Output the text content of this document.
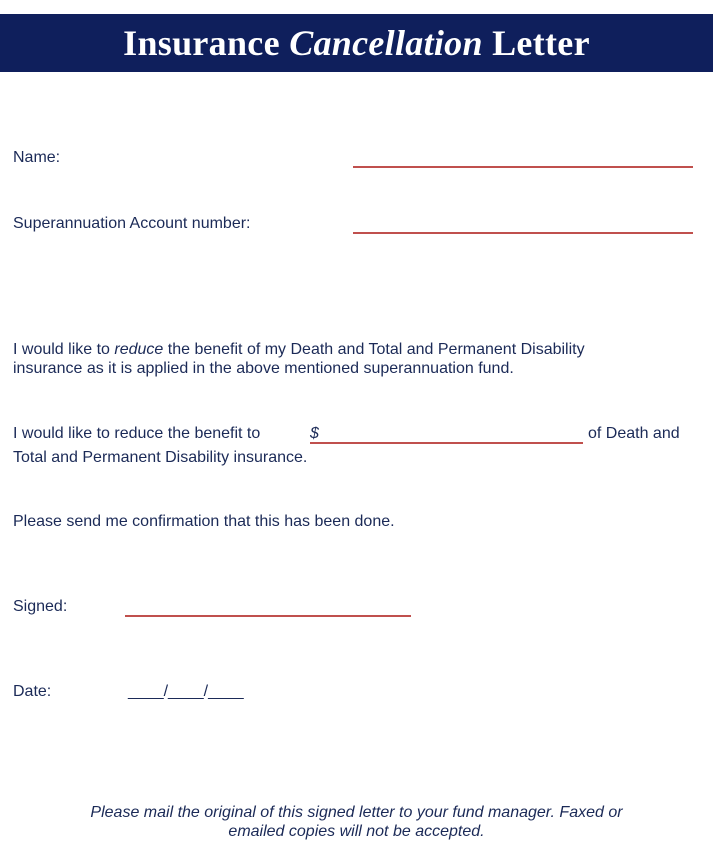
Insurance Cancellation Letter
Name:
Superannuation Account number:
I would like to reduce the benefit of my Death and Total and Permanent Disability
insurance as it is applied in the above mentioned superannuation fund.
I would like to reduce the benefit to	$	of Death and
Total and Permanent Disability insurance.
Please send me confirmation that this has been done.
Signed:
Date:	____/____/____
Please mail the original of this signed letter to your fund manager. Faxed or
emailed copies will not be accepted.
